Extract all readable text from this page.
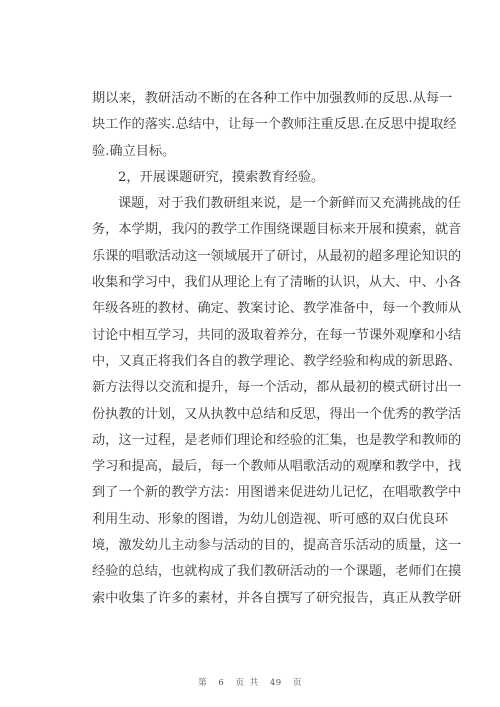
期以来，教研活动不断的在各种工作中加强教师的反思.从每一
块工作的落实.总结中，让每一个教师注重反思.在反思中提取经
验.确立目标。
2，开展课题研究，摸索教育经验。
课题，对于我们教研组来说，是一个新鲜而又充满挑战的任
务，本学期，我闪的教学工作围绕课题目标来开展和摸索，就音
乐课的唱歌活动这一领域展开了研讨，从最初的超多理论知识的
收集和学习中，我们从理论上有了清晰的认识，从大、中、小各
年级各班的教材、确定、教案讨论、教学准备中，每一个教师从
讨论中相互学习，共同的汲取着养分，在每一节课外观摩和小结
中，又真正将我们各自的教学理论、教学经验和构成的新思路、
新方法得以交流和提升，每一个活动，都从最初的模式研讨出一
份执教的计划，又从执教中总结和反思，得出一个优秀的教学活
动，这一过程，是老师们理论和经验的汇集，也是教学和教师的
学习和提高，最后，每一个教师从唱歌活动的观摩和教学中，找
到了一个新的教学方法：用图谱来促进幼儿记忆，在唱歌教学中
利用生动、形象的图谱，为幼儿创造视、听可感的双白优良环
境，激发幼儿主动参与活动的目的，提高音乐活动的质量，这一
经验的总结，也就构成了我们教研活动的一个课题，老师们在摸
索中收集了许多的素材，并各自撰写了研究报告，真正从教学研
第 6 页 共 49 页
